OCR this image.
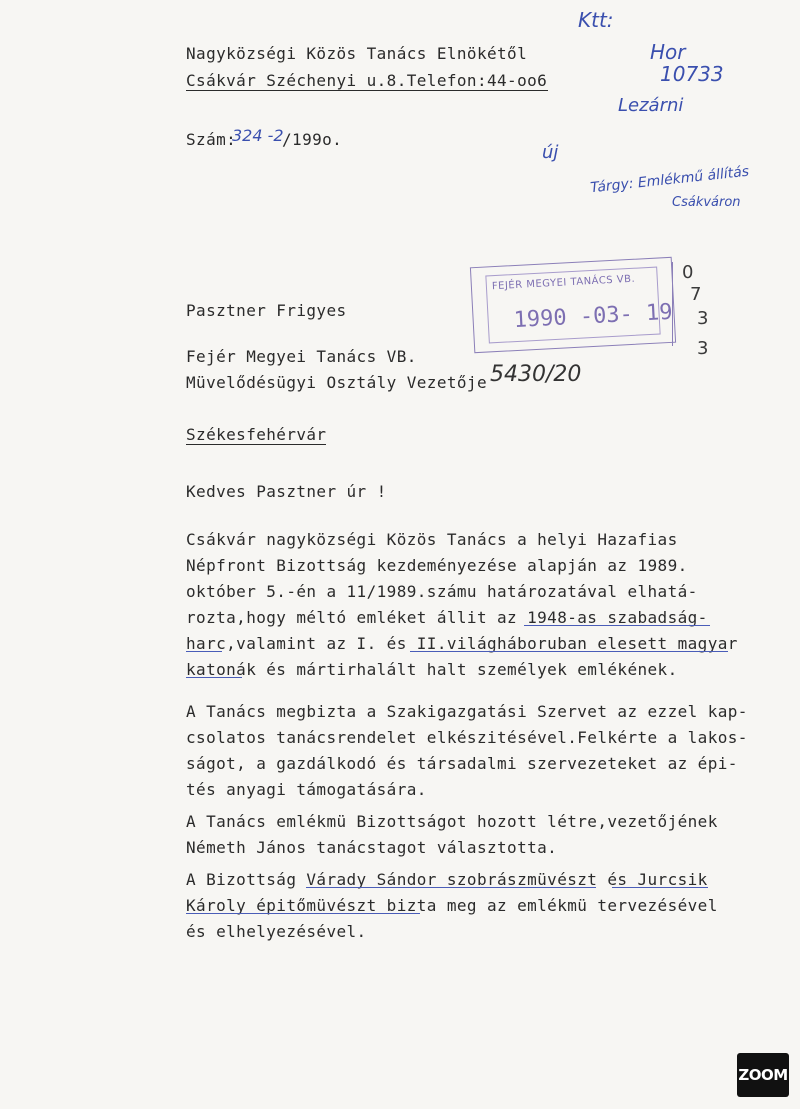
Nagyközségi Közös Tanács Elnökétől
Csákvár Széchenyi u.8.Telefon:44-oo6
Szám:
324 -2
/199o.
Ktt:
Hor
10733
Lezárni
új
Tárgy: Emlékmű állítás
Csákváron
FEJÉR MEGYEI TANÁCS VB.
1990 -03- 19
0
7
3
3
Pasztner Frigyes
Fejér Megyei Tanács VB.
Müvelődésügyi Osztály Vezetője 5430/20
Székesfehérvár
Kedves Pasztner úr !
Csákvár nagyközségi Közös Tanács a helyi Hazafias
Népfront Bizottság kezdeményezése alapján az 1989.
október 5.-én a 11/1989.számu határozatával elhatá-
rozta,hogy méltó emléket állit az 1948-as szabadság-
harc,valamint az I. és II.világháboruban elesett magyar
katonák és mártirhalált halt személyek emlékének.
A Tanács megbizta a Szakigazgatási Szervet az ezzel kap-
csolatos tanácsrendelet elkészitésével.Felkérte a lakos-
ságot, a gazdálkodó és társadalmi szervezeteket az épi-
tés anyagi támogatására.
A Tanács emlékmü Bizottságot hozott létre,vezetőjének
Németh János tanácstagot választotta.
A Bizottság Várady Sándor szobrászmüvészt és Jurcsik
Károly épitőmüvészt bizta meg az emlékmü tervezésével
és elhelyezésével.
ZOOM
